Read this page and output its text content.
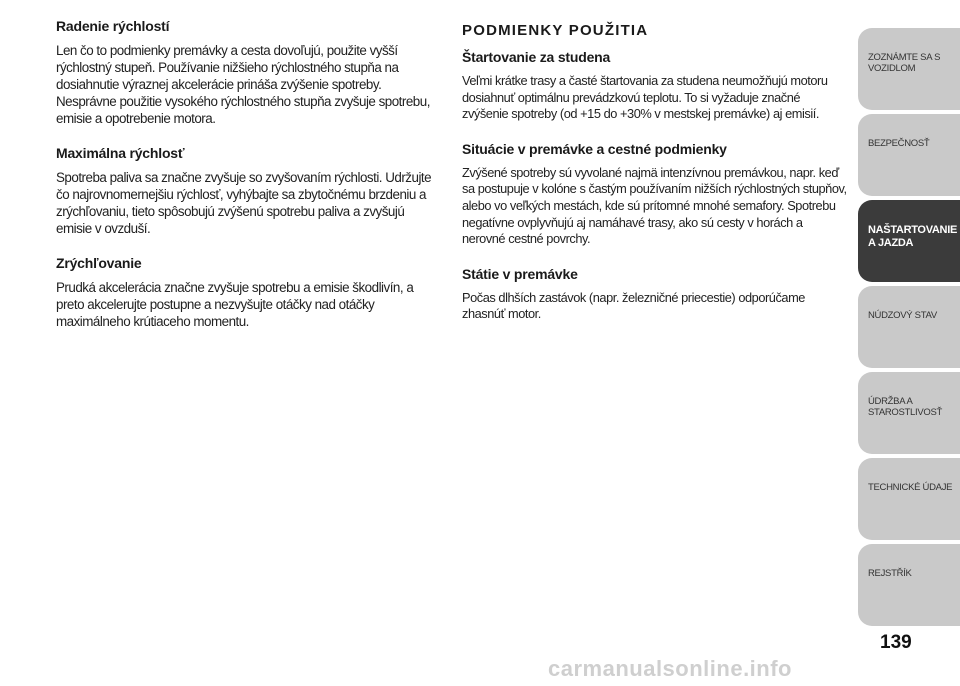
Radenie rýchlostí

Len čo to podmienky premávky a cesta dovoľujú, použite vyšší rýchlostný stupeň. Používanie nižšieho rýchlostného stupňa na dosiahnutie výraznej akcelerácie prináša zvýšenie spotreby. Nesprávne použitie vysokého rýchlostného stupňa zvyšuje spotrebu, emisie a opotrebenie motora.

Maximálna rýchlosť

Spotreba paliva sa značne zvyšuje so zvyšovaním rýchlosti. Udržujte čo najrovnomernejšiu rýchlosť, vyhýbajte sa zbytočnému brzdeniu a zrýchľovaniu, tieto spôsobujú zvýšenú spotrebu paliva a zvyšujú emisie v ovzduší.

Zrýchľovanie

Prudká akcelerácia značne zvyšuje spotrebu a emisie škodlivín, a preto akcelerujte postupne a nezvyšujte otáčky nad otáčky maximálneho krútiaceho momentu.

PODMIENKY POUŽITIA
Štartovanie za studena

Veľmi krátke trasy a časté štartovania za studena neumožňujú motoru dosiahnuť optimálnu prevádzkovú teplotu. To si vyžaduje značné zvýšenie spotreby (od +15 do +30% v mestskej premávke) aj emisií.

Situácie v premávke a cestné podmienky

Zvýšené spotreby sú vyvolané najmä intenzívnou premávkou, napr. keď sa postupuje v kolóne s častým používaním nižších rýchlostných stupňov, alebo vo veľkých mestách, kde sú prítomné mnohé semafory. Spotrebu negatívne ovplyvňujú aj namáhavé trasy, ako sú cesty v horách a nerovné cestné povrchy.

Státie v premávke

Počas dlhších zastávok (napr. železničné priecestie) odporúčame zhasnúť motor.

ZOZNÁMTE SA S
VOZIDLOM
BEZPEČNOSŤ
NAŠTARTOVANIE
A JAZDA
NÚDZOVÝ STAV
ÚDRŽBA A
STAROSTLIVOSŤ
TECHNICKÉ ÚDAJE
REJSTŘÍK
139
carmanualsonline.info
